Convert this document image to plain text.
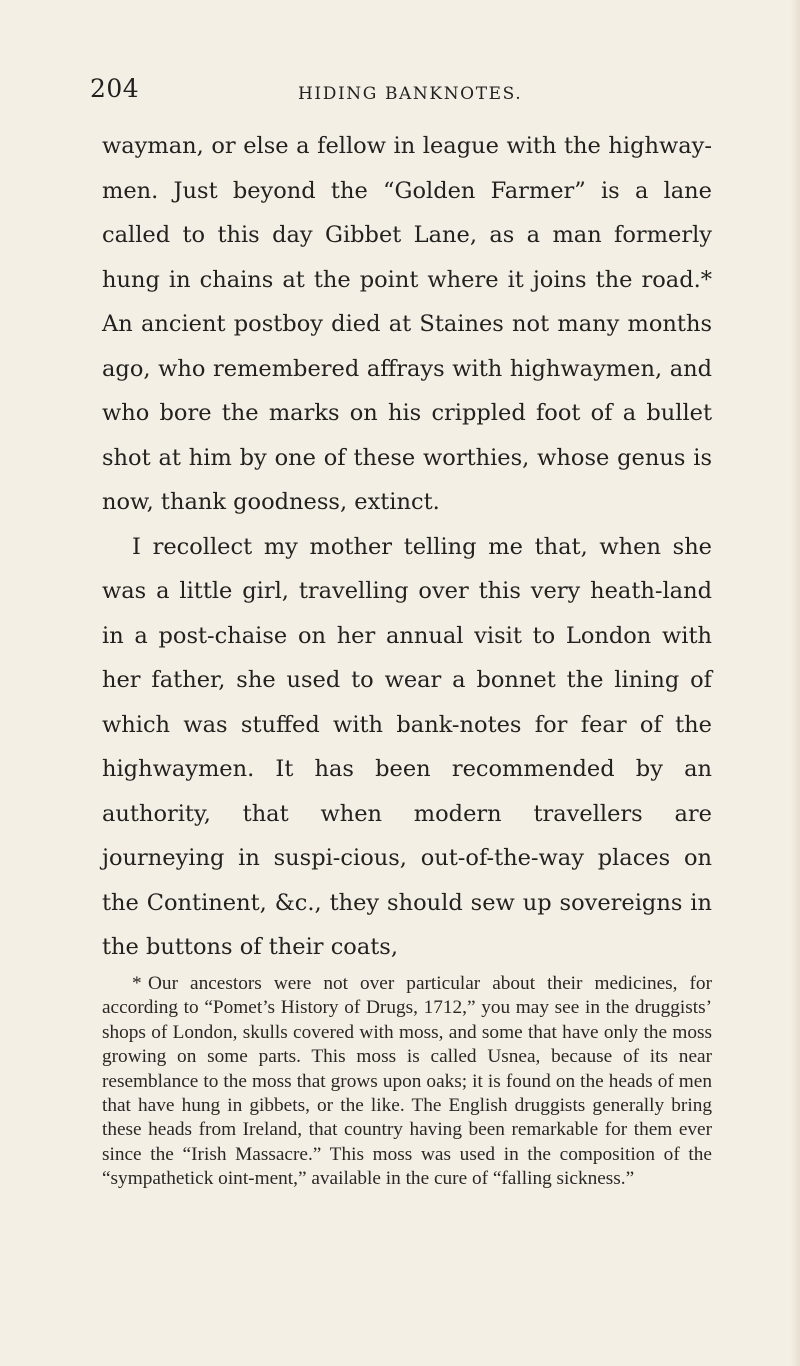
204	HIDING BANKNOTES.

wayman, or else a fellow in league with the highway-men. Just beyond the “Golden Farmer” is a lane called to this day Gibbet Lane, as a man formerly hung in chains at the point where it joins the road.* An ancient postboy died at Staines not many months ago, who remembered affrays with highwaymen, and who bore the marks on his crippled foot of a bullet shot at him by one of these worthies, whose genus is now, thank goodness, extinct.

I recollect my mother telling me that, when she was a little girl, travelling over this very heath-land in a post-chaise on her annual visit to London with her father, she used to wear a bonnet the lining of which was stuffed with bank-notes for fear of the highwaymen. It has been recommended by an authority, that when modern travellers are journeying in suspi-cious, out-of-the-way places on the Continent, &c., they should sew up sovereigns in the buttons of their coats,

* Our ancestors were not over particular about their medicines, for according to “Pomet’s History of Drugs, 1712,” you may see in the druggists’ shops of London, skulls covered with moss, and some that have only the moss growing on some parts. This moss is called Usnea, because of its near resemblance to the moss that grows upon oaks; it is found on the heads of men that have hung in gibbets, or the like. The English druggists generally bring these heads from Ireland, that country having been remarkable for them ever since the “Irish Massacre.” This moss was used in the composition of the “sympathetick oint-ment,” available in the cure of “falling sickness.”
